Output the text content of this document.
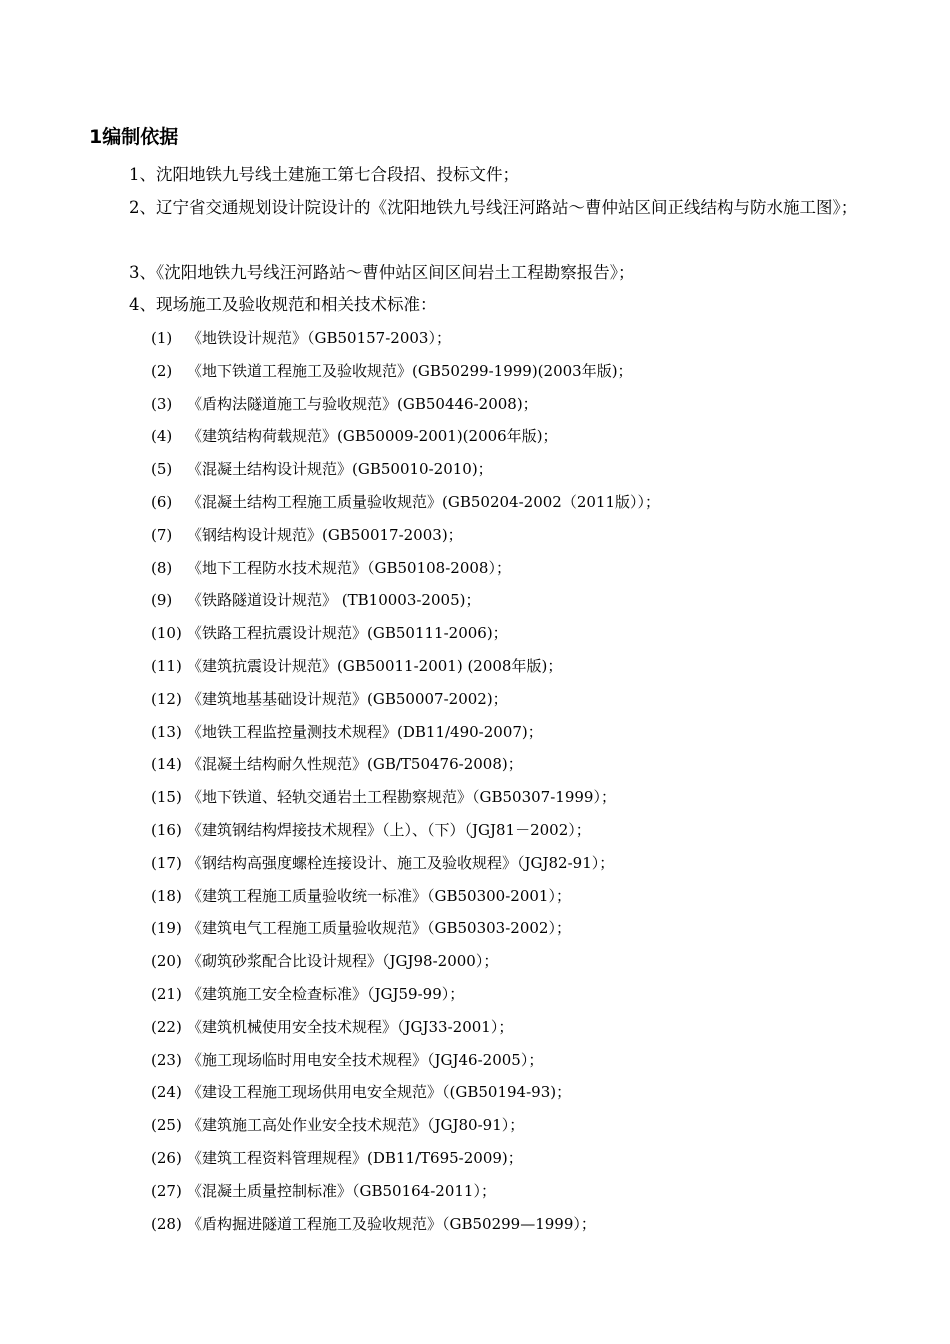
1编制依据
1、沈阳地铁九号线土建施工第七合段招、投标文件；
2、辽宁省交通规划设计院设计的《沈阳地铁九号线汪河路站～曹仲站区间正线结构与防水施工图》；
3、《沈阳地铁九号线汪河路站～曹仲站区间区间岩土工程勘察报告》；
4、现场施工及验收规范和相关技术标准：
(1) 《地铁设计规范》（GB50157-2003）；
(2) 《地下铁道工程施工及验收规范》(GB50299-1999)(2003年版)；
(3) 《盾构法隧道施工与验收规范》(GB50446-2008)；
(4) 《建筑结构荷载规范》(GB50009-2001)(2006年版)；
(5) 《混凝土结构设计规范》(GB50010-2010)；
(6) 《混凝土结构工程施工质量验收规范》(GB50204-2002（2011版））；
(7) 《钢结构设计规范》(GB50017-2003)；
(8) 《地下工程防水技术规范》（GB50108-2008）；
(9) 《铁路隧道设计规范》 (TB10003-2005)；
(10) 《铁路工程抗震设计规范》(GB50111-2006)；
(11) 《建筑抗震设计规范》(GB50011-2001) (2008年版)；
(12) 《建筑地基基础设计规范》(GB50007-2002)；
(13) 《地铁工程监控量测技术规程》(DB11/490-2007)；
(14) 《混凝土结构耐久性规范》(GB/T50476-2008)；
(15) 《地下铁道、轻轨交通岩土工程勘察规范》（GB50307-1999）；
(16) 《建筑钢结构焊接技术规程》（上）、（下）（JGJ81－2002）；
(17) 《钢结构高强度螺栓连接设计、施工及验收规程》（JGJ82-91）；
(18) 《建筑工程施工质量验收统一标准》（GB50300-2001）；
(19) 《建筑电气工程施工质量验收规范》（GB50303-2002）；
(20) 《砌筑砂浆配合比设计规程》（JGJ98-2000）；
(21) 《建筑施工安全检查标准》（JGJ59-99）；
(22) 《建筑机械使用安全技术规程》（JGJ33-2001）；
(23) 《施工现场临时用电安全技术规程》（JGJ46-2005）；
(24) 《建设工程施工现场供用电安全规范》（(GB50194-93)；
(25) 《建筑施工高处作业安全技术规范》（JGJ80-91）；
(26) 《建筑工程资料管理规程》(DB11/T695-2009)；
(27) 《混凝土质量控制标准》（GB50164-2011）；
(28) 《盾构掘进隧道工程施工及验收规范》（GB50299—1999）；
